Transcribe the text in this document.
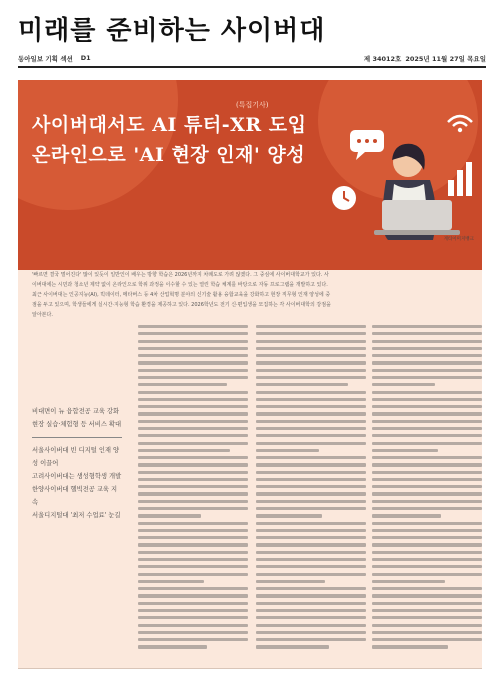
미래를 준비하는 사이버대
동아일보 기획 섹션 D1	제 34012호 2025년 11월 27일 목요일
'빠르면 결국 멀어진다' 많이 있듯이 일반인이 배우는 방향 학습은 2026년까지 차례도로 가려 않겠다. 그 중심에 사이버대학교가 있다. 사이버대에는 시민과 청소년 제약 없이 온라인으로 학위 과정을 이수할 수 있는 열린 학습 체계를 바탕으로 자동 프로그램을 개발하고 있다. 최근 사이버대는 인공지능(AI), 빅데이터, 메타버스 등 4차 산업혁명 분야의 신기술 활용 융합교육을 강화하고 현장 직무형 인재 양성에 중점을 두고 있으며, 학생들에게 실시간·지능형 학습 환경을 제공하고 있다. 2026학년도 전기 신·편입생을 모집하는 각 사이버대학의 강점을 알아본다.
(특집기사)
사이버대서도 AI 튜터-XR 도입
온라인으로 'AI 현장 인재' 양성
게티이미지뱅크
비대면이 뉴 융합전공 교육 강화
현장 실습·체험형 등 서비스 확대
서울사이버대 빈 디지털 인재 양성 이끌어
고려사이버대는 생성형학생 개발
한양사이버대 헬빅전공 교육 지속
서울디지털대 '최저 수업료' 눈길
